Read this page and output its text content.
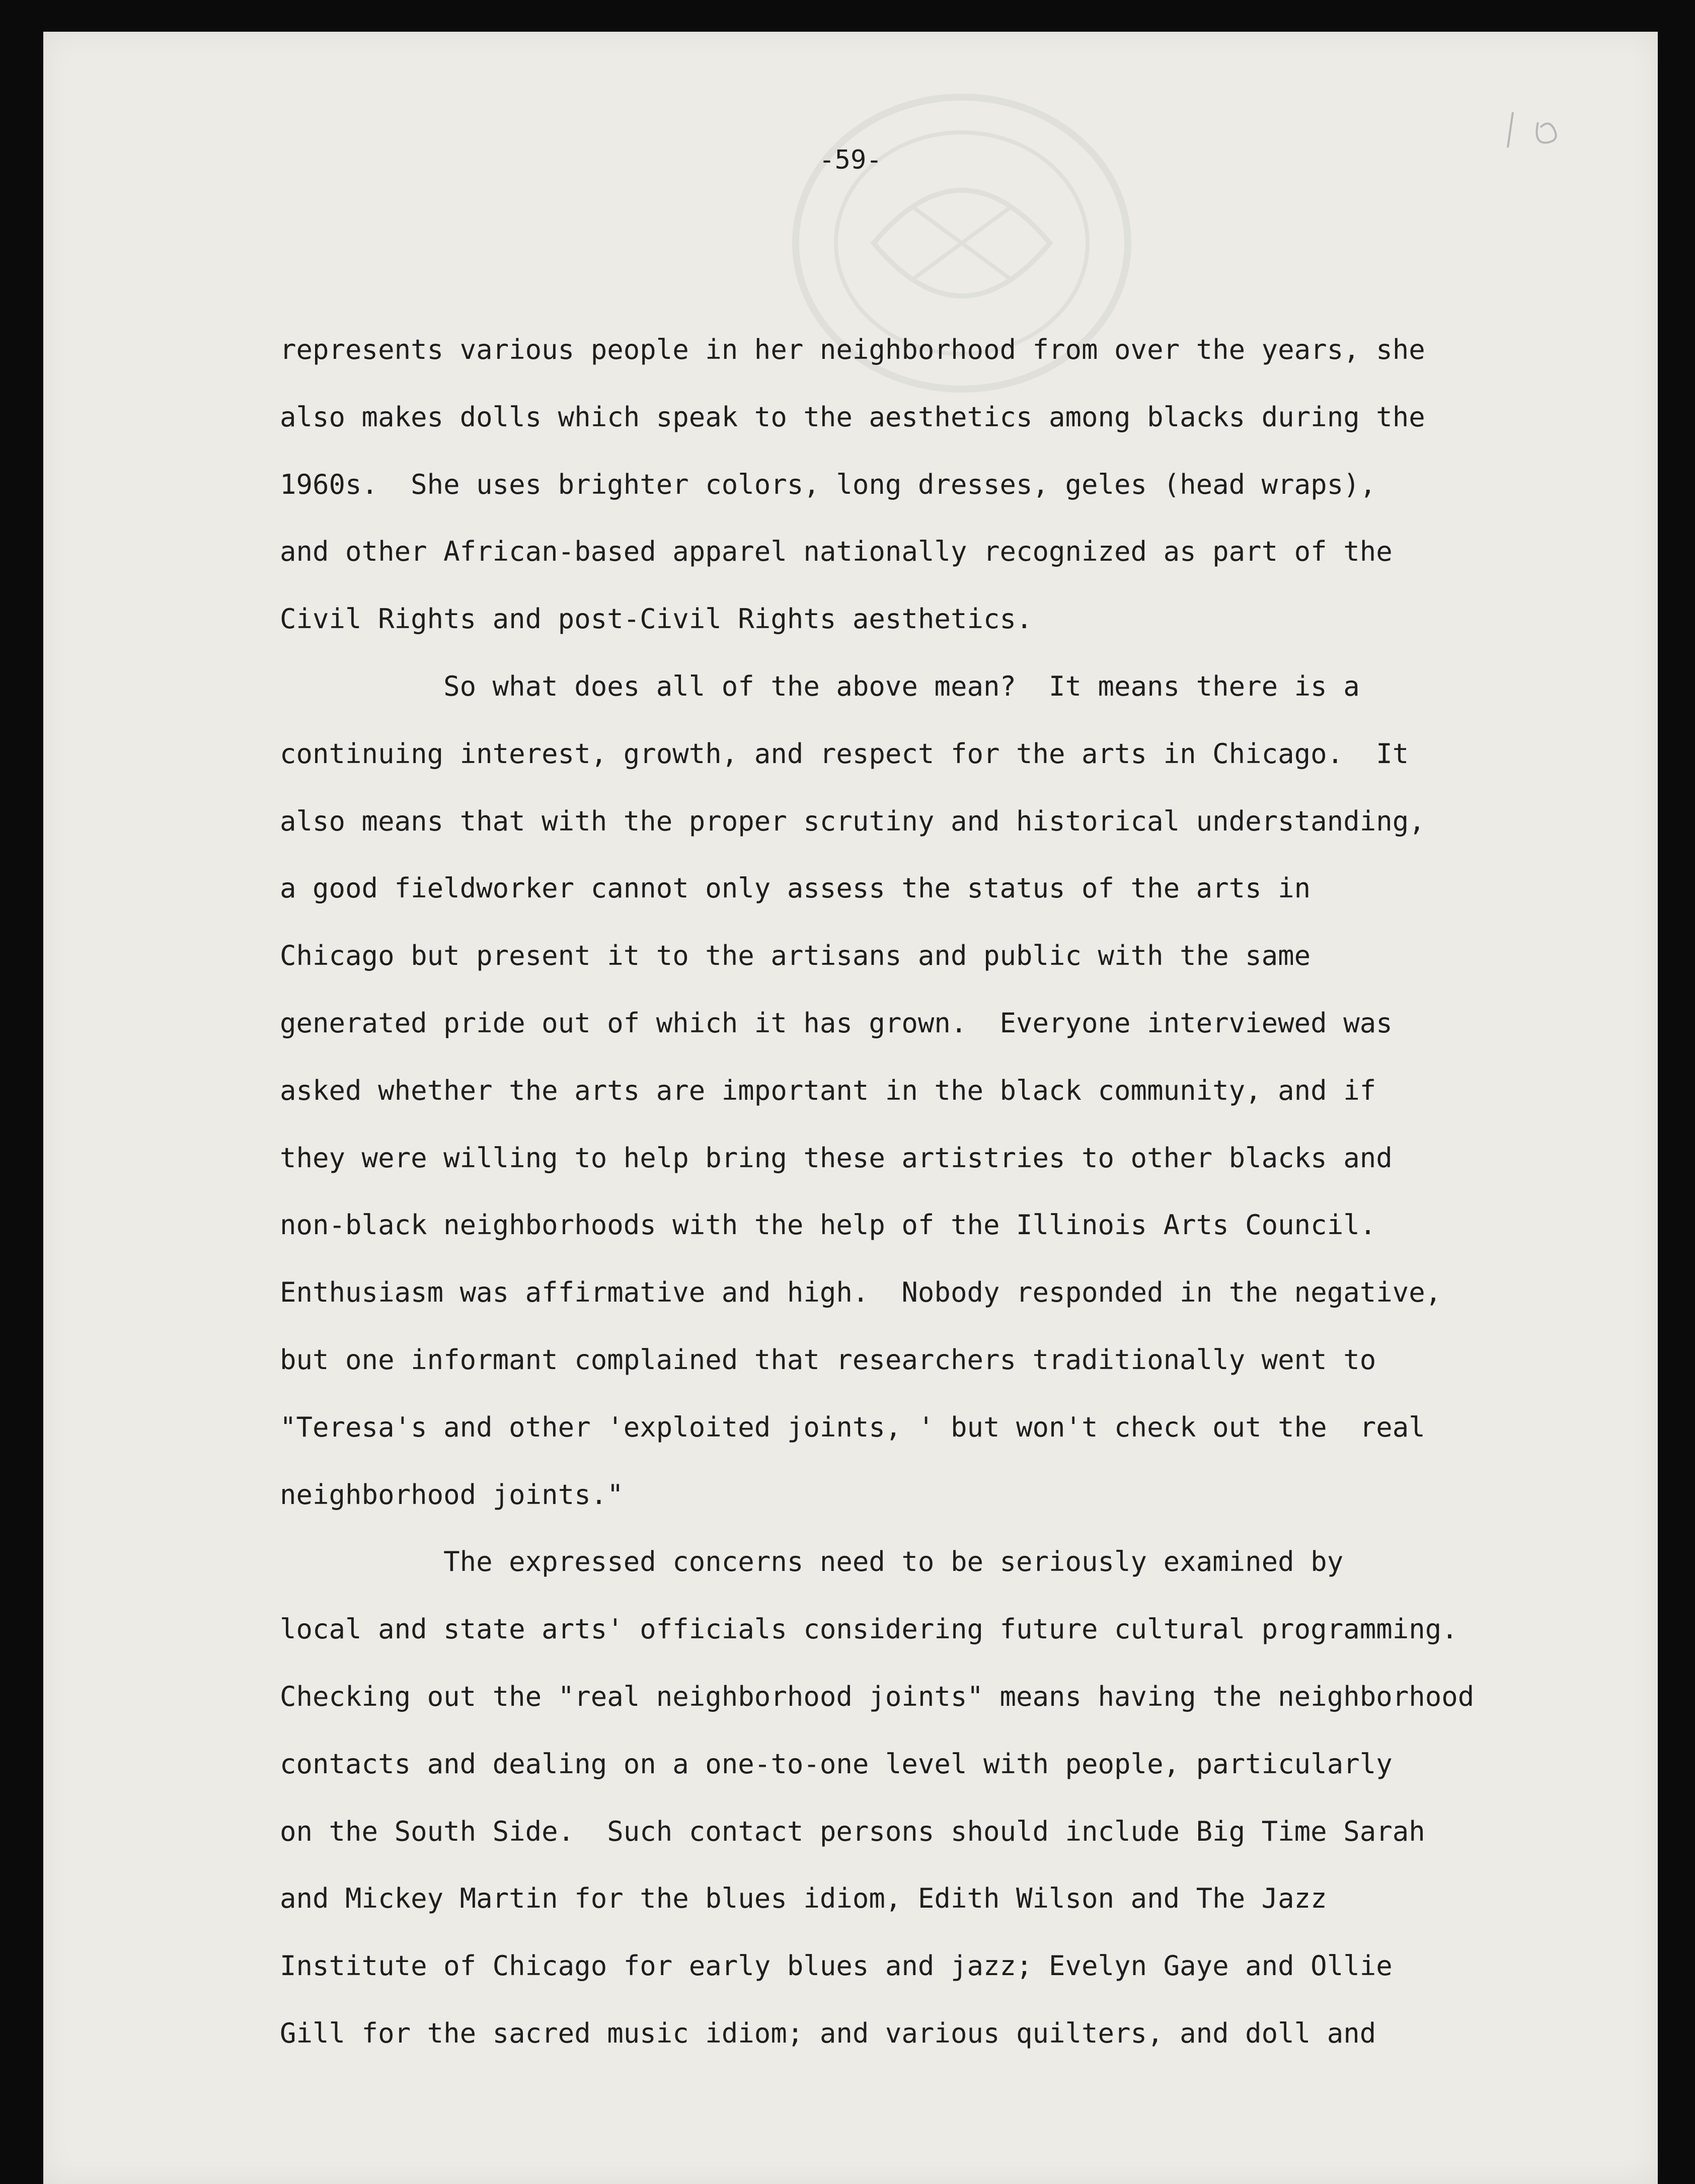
-59-
represents various people in her neighborhood from over the years, she
also makes dolls which speak to the aesthetics among blacks during the
1960s.  She uses brighter colors, long dresses, geles (head wraps),
and other African-based apparel nationally recognized as part of the
Civil Rights and post-Civil Rights aesthetics.
So what does all of the above mean?  It means there is a
continuing interest, growth, and respect for the arts in Chicago.  It
also means that with the proper scrutiny and historical understanding,
a good fieldworker cannot only assess the status of the arts in
Chicago but present it to the artisans and public with the same
generated pride out of which it has grown.  Everyone interviewed was
asked whether the arts are important in the black community, and if
they were willing to help bring these artistries to other blacks and
non-black neighborhoods with the help of the Illinois Arts Council.
Enthusiasm was affirmative and high.  Nobody responded in the negative,
but one informant complained that researchers traditionally went to
"Teresa's and other 'exploited joints, ' but won't check out the  real
neighborhood joints."
The expressed concerns need to be seriously examined by
local and state arts' officials considering future cultural programming.
Checking out the "real neighborhood joints" means having the neighborhood
contacts and dealing on a one-to-one level with people, particularly
on the South Side.  Such contact persons should include Big Time Sarah
and Mickey Martin for the blues idiom, Edith Wilson and The Jazz
Institute of Chicago for early blues and jazz; Evelyn Gaye and Ollie
Gill for the sacred music idiom; and various quilters, and doll and
